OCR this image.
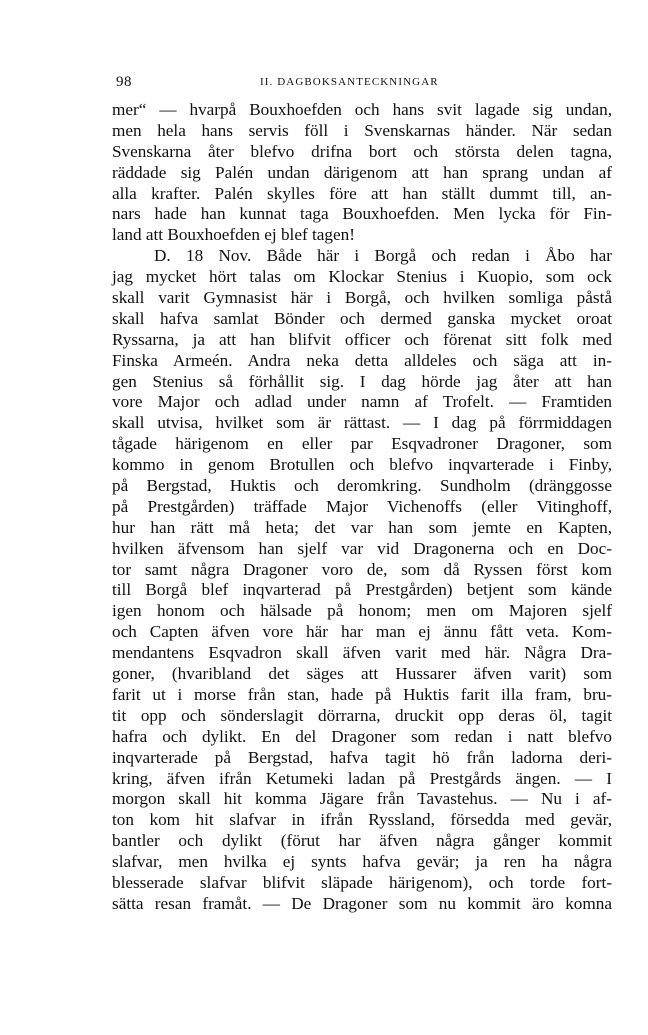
98	II. DAGBOKSANTECKNINGAR
mer“ — hvarpå Bouxhoefden och hans svit lagade sig undan,
men hela hans servis föll i Svenskarnas händer. När sedan
Svenskarna åter blefvo drifna bort och största delen tagna,
räddade sig Palén undan därigenom att han sprang undan af
alla krafter. Palén skylles före att han ställt dummt till, an-
nars hade han kunnat taga Bouxhoefden. Men lycka för Fin-
land att Bouxhoefden ej blef tagen!
D. 18 Nov. Både här i Borgå och redan i Åbo har
jag mycket hört talas om Klockar Stenius i Kuopio, som ock
skall varit Gymnasist här i Borgå, och hvilken somliga påstå
skall hafva samlat Bönder och dermed ganska mycket oroat
Ryssarna, ja att han blifvit officer och förenat sitt folk med
Finska Armeén. Andra neka detta alldeles och säga att in-
gen Stenius så förhållit sig. I dag hörde jag åter att han
vore Major och adlad under namn af Trofelt. — Framtiden
skall utvisa, hvilket som är rättast. — I dag på förrmiddagen
tågade härigenom en eller par Esqvadroner Dragoner, som
kommo in genom Brotullen och blefvo inqvarterade i Finby,
på Bergstad, Huktis och deromkring. Sundholm (dränggosse
på Prestgården) träffade Major Vichenoffs (eller Vitinghoff,
hur han rätt må heta; det var han som jemte en Kapten,
hvilken äfvensom han sjelf var vid Dragonerna och en Doc-
tor samt några Dragoner voro de, som då Ryssen först kom
till Borgå blef inqvarterad på Prestgården) betjent som kände
igen honom och hälsade på honom; men om Majoren sjelf
och Capten äfven vore här har man ej ännu fått veta. Kom-
mendantens Esqvadron skall äfven varit med här. Några Dra-
goner, (hvaribland det säges att Hussarer äfven varit) som
farit ut i morse från stan, hade på Huktis farit illa fram, bru-
tit opp och sönderslagit dörrarna, druckit opp deras öl, tagit
hafra och dylikt. En del Dragoner som redan i natt blefvo
inqvarterade på Bergstad, hafva tagit hö från ladorna deri-
kring, äfven ifrån Ketumeki ladan på Prestgårds ängen. — I
morgon skall hit komma Jägare från Tavastehus. — Nu i af-
ton kom hit slafvar in ifrån Ryssland, försedda med gevär,
bantler och dylikt (förut har äfven några gånger kommit
slafvar, men hvilka ej synts hafva gevär; ja ren ha några
blesserade slafvar blifvit släpade härigenom), och torde fort-
sätta resan framåt. — De Dragoner som nu kommit äro komna
